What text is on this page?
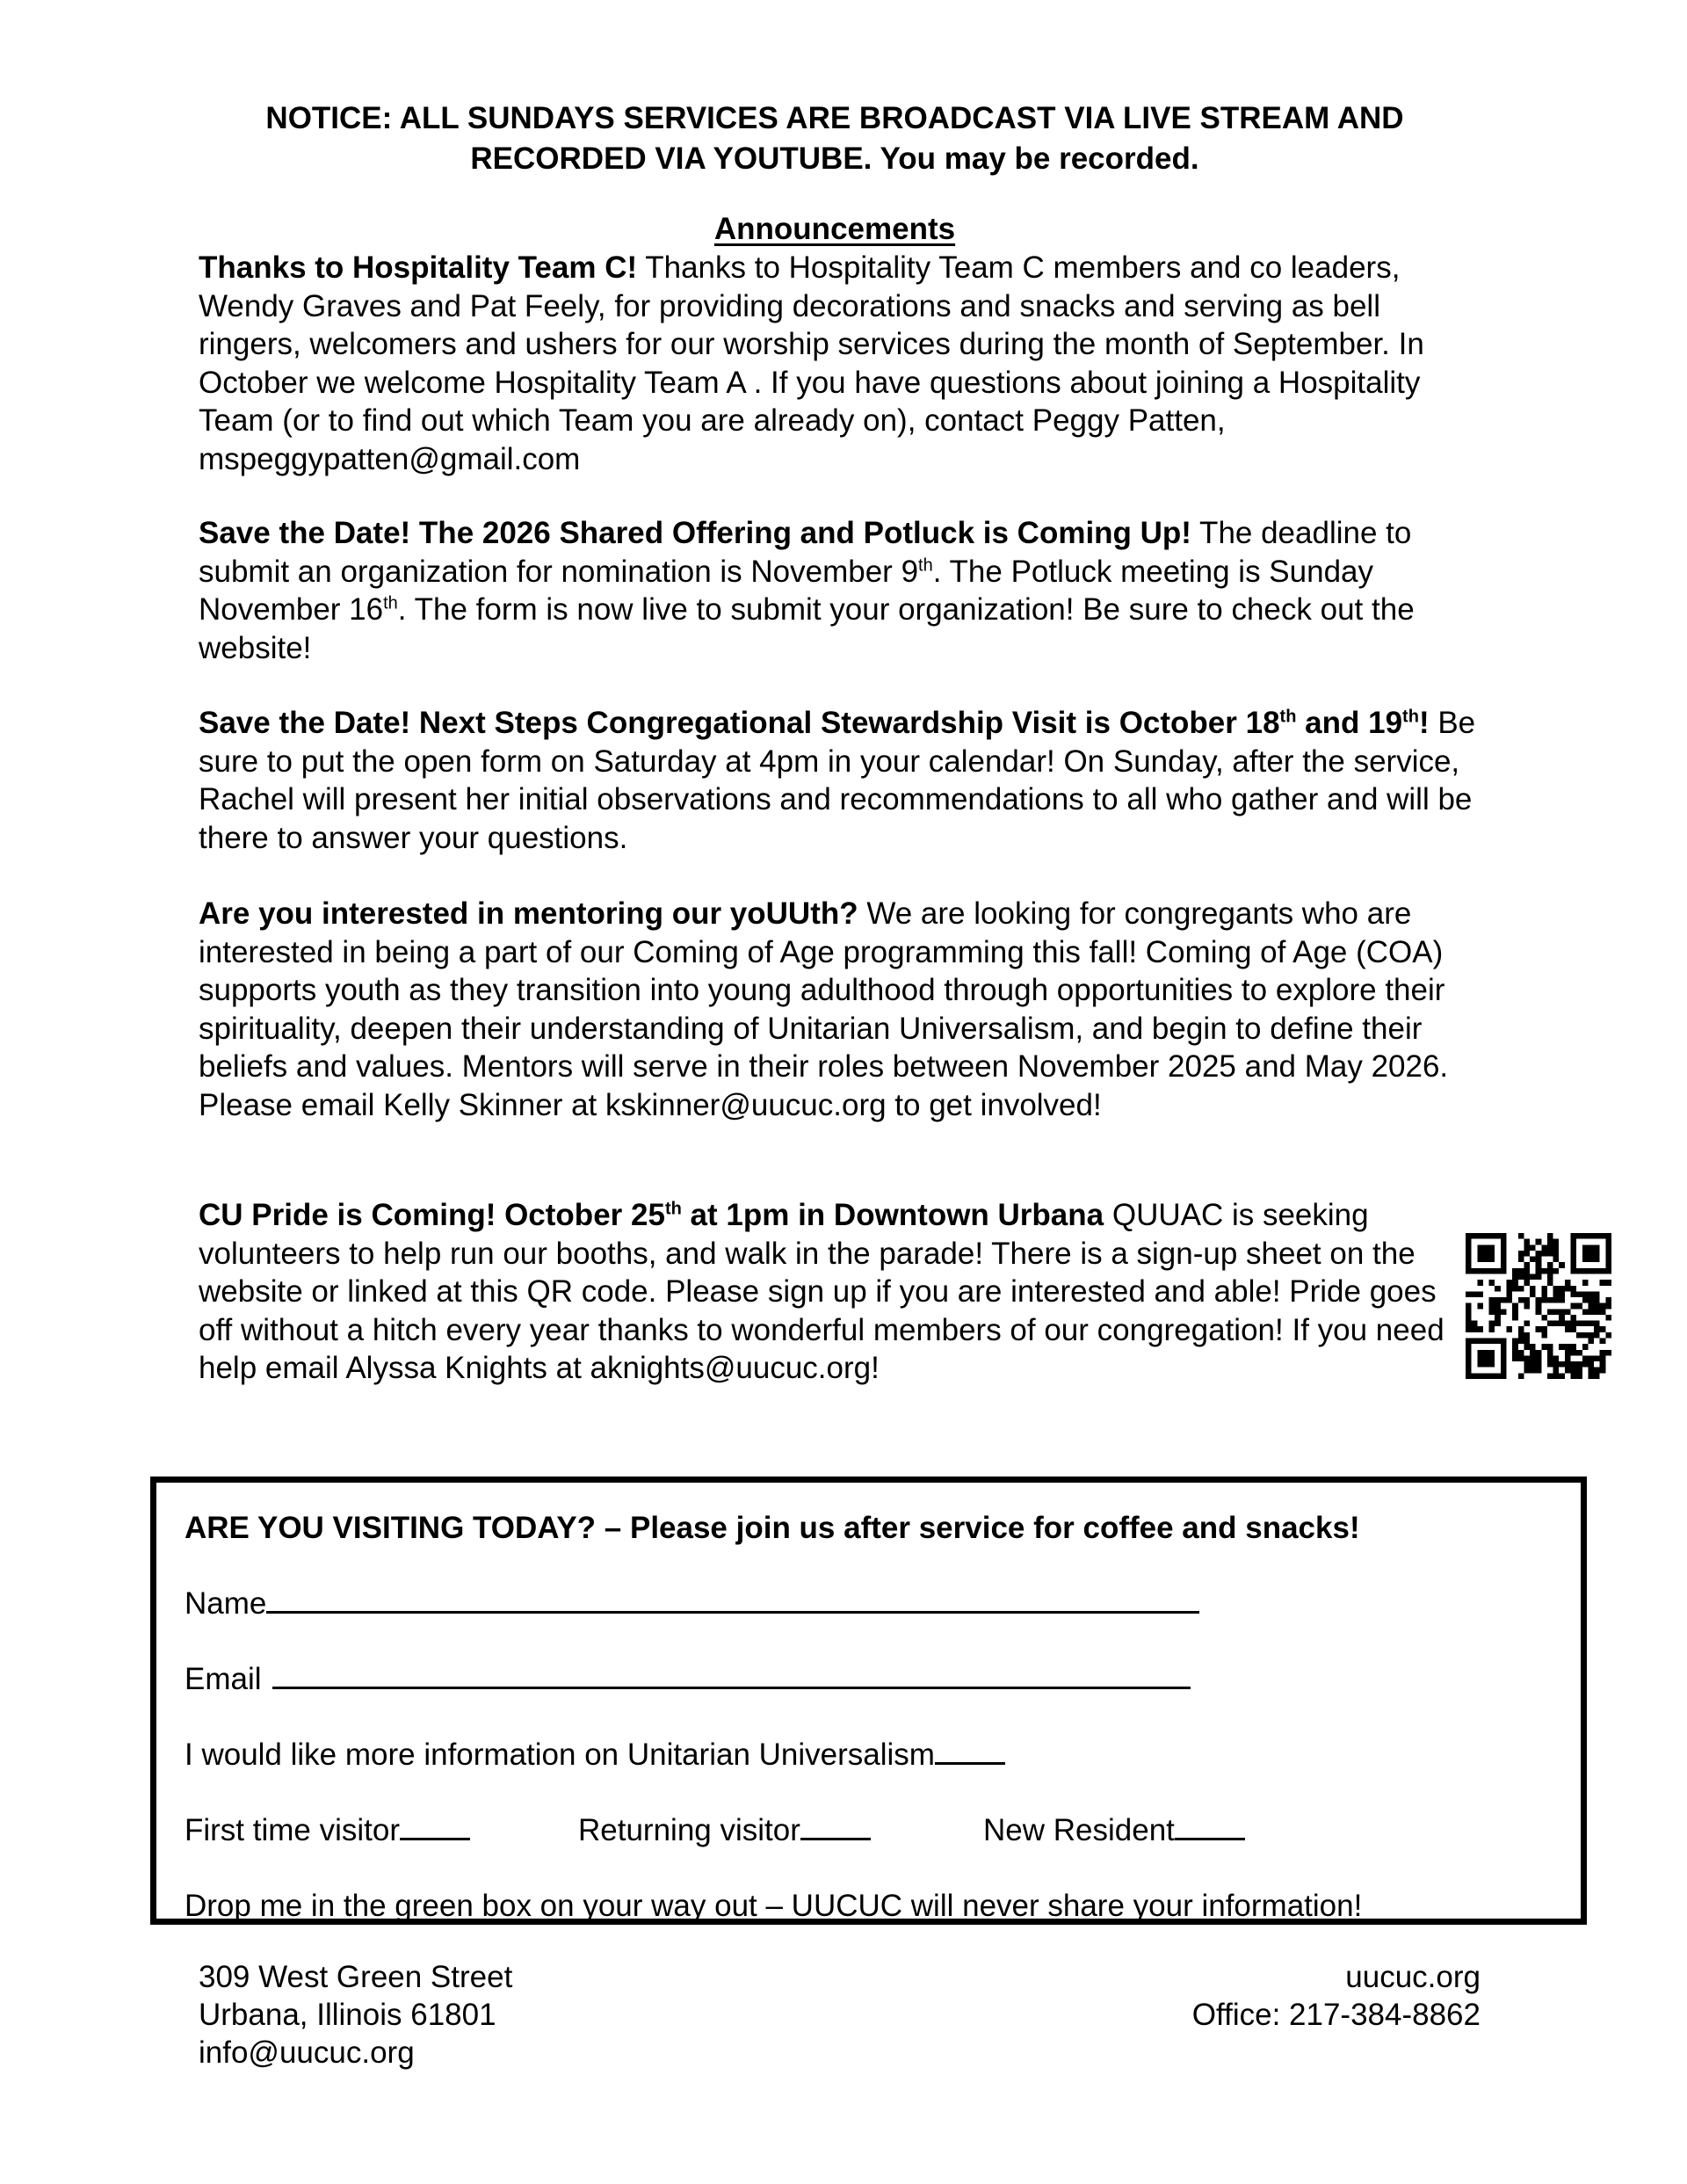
NOTICE: ALL SUNDAYS SERVICES ARE BROADCAST VIA LIVE STREAM AND
RECORDED VIA YOUTUBE. You may be recorded.
Announcements
Thanks to Hospitality Team C! Thanks to Hospitality Team C members and co leaders, Wendy Graves and Pat Feely, for providing decorations and snacks and serving as bell ringers, welcomers and ushers for our worship services during the month of September. In October we welcome Hospitality Team A . If you have questions about joining a Hospitality Team (or to find out which Team you are already on), contact Peggy Patten, mspeggypatten@gmail.com
Save the Date! The 2026 Shared Offering and Potluck is Coming Up! The deadline to submit an organization for nomination is November 9th. The Potluck meeting is Sunday November 16th. The form is now live to submit your organization! Be sure to check out the website!
Save the Date! Next Steps Congregational Stewardship Visit is October 18th and 19th! Be sure to put the open form on Saturday at 4pm in your calendar! On Sunday, after the service, Rachel will present her initial observations and recommendations to all who gather and will be there to answer your questions.
Are you interested in mentoring our yoUUth? We are looking for congregants who are interested in being a part of our Coming of Age programming this fall! Coming of Age (COA) supports youth as they transition into young adulthood through opportunities to explore their spirituality, deepen their understanding of Unitarian Universalism, and begin to define their beliefs and values. Mentors will serve in their roles between November 2025 and May 2026. Please email Kelly Skinner at kskinner@uucuc.org to get involved!
CU Pride is Coming! October 25th at 1pm in Downtown Urbana QUUAC is seeking volunteers to help run our booths, and walk in the parade! There is a sign-up sheet on the website or linked at this QR code. Please sign up if you are interested and able! Pride goes off without a hitch every year thanks to wonderful members of our congregation! If you need help email Alyssa Knights at aknights@uucuc.org!
ARE YOU VISITING TODAY? – Please join us after service for coffee and snacks!
Name
Email
I would like more information on Unitarian Universalism
First time visitor	Returning visitor	New Resident
Drop me in the green box on your way out – UUCUC will never share your information!
309 West Green Street
Urbana, Illinois 61801
info@uucuc.org
uucuc.org
Office: 217-384-8862
